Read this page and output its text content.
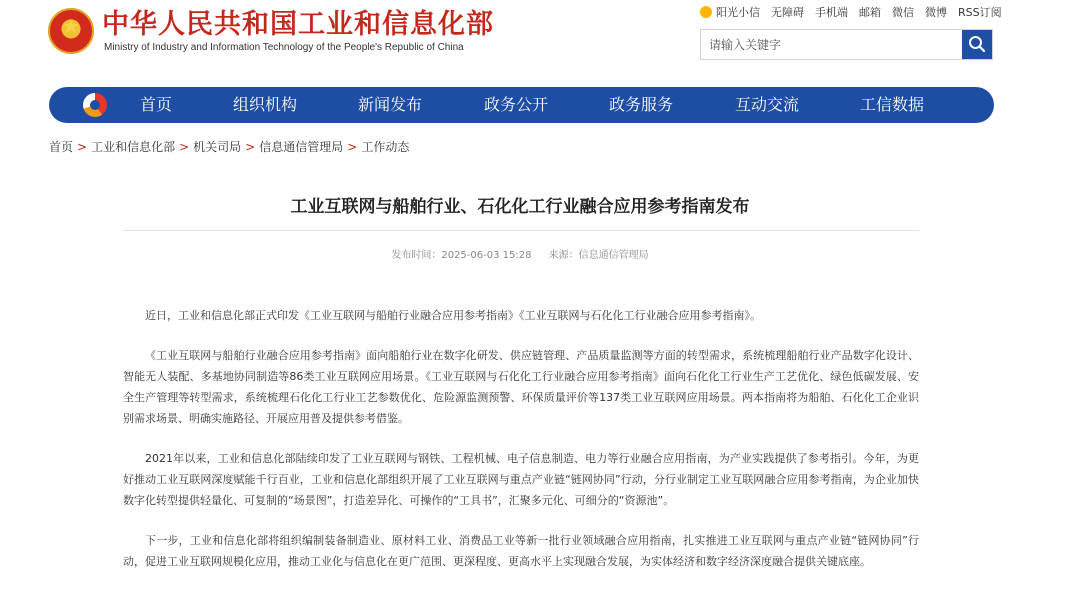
★
中华人民共和国工业和信息化部
Ministry of Industry and Information Technology of the People's Republic of China
阳光小信 无障碍 手机端 邮箱 微信 微博 RSS订阅
请输入关键字
首页	组织机构	新闻发布	政务公开	政务服务	互动交流	工信数据
首页 > 工业和信息化部 > 机关司局 > 信息通信管理局 > 工作动态
工业互联网与船舶行业、石化化工行业融合应用参考指南发布
发布时间：2025-06-03 15:28 来源：信息通信管理局

近日，工业和信息化部正式印发《工业互联网与船舶行业融合应用参考指南》《工业互联网与石化化工行业融合应用参考指南》。

《工业互联网与船舶行业融合应用参考指南》面向船舶行业在数字化研发、供应链管理、产品质量监测等方面的转型需求，系统梳理船舶行业产品数字化设计、智能无人装配、多基地协同制造等86类工业互联网应用场景。《工业互联网与石化化工行业融合应用参考指南》面向石化化工行业生产工艺优化、绿色低碳发展、安全生产管理等转型需求，系统梳理石化化工行业工艺参数优化、危险源监测预警、环保质量评价等137类工业互联网应用场景。两本指南将为船舶、石化化工企业识别需求场景、明确实施路径、开展应用普及提供参考借鉴。

2021年以来，工业和信息化部陆续印发了工业互联网与钢铁、工程机械、电子信息制造、电力等行业融合应用指南，为产业实践提供了参考指引。今年，为更好推动工业互联网深度赋能千行百业，工业和信息化部组织开展了工业互联网与重点产业链“链网协同”行动，分行业制定工业互联网融合应用参考指南，为企业加快数字化转型提供轻量化、可复制的“场景图”，打造差异化、可操作的“工具书”，汇聚多元化、可细分的“资源池”。

下一步，工业和信息化部将组织编制装备制造业、原材料工业、消费品工业等新一批行业领域融合应用指南，扎实推进工业互联网与重点产业链“链网协同”行动，促进工业互联网规模化应用，推动工业化与信息化在更广范围、更深程度、更高水平上实现融合发展，为实体经济和数字经济深度融合提供关键底座。
